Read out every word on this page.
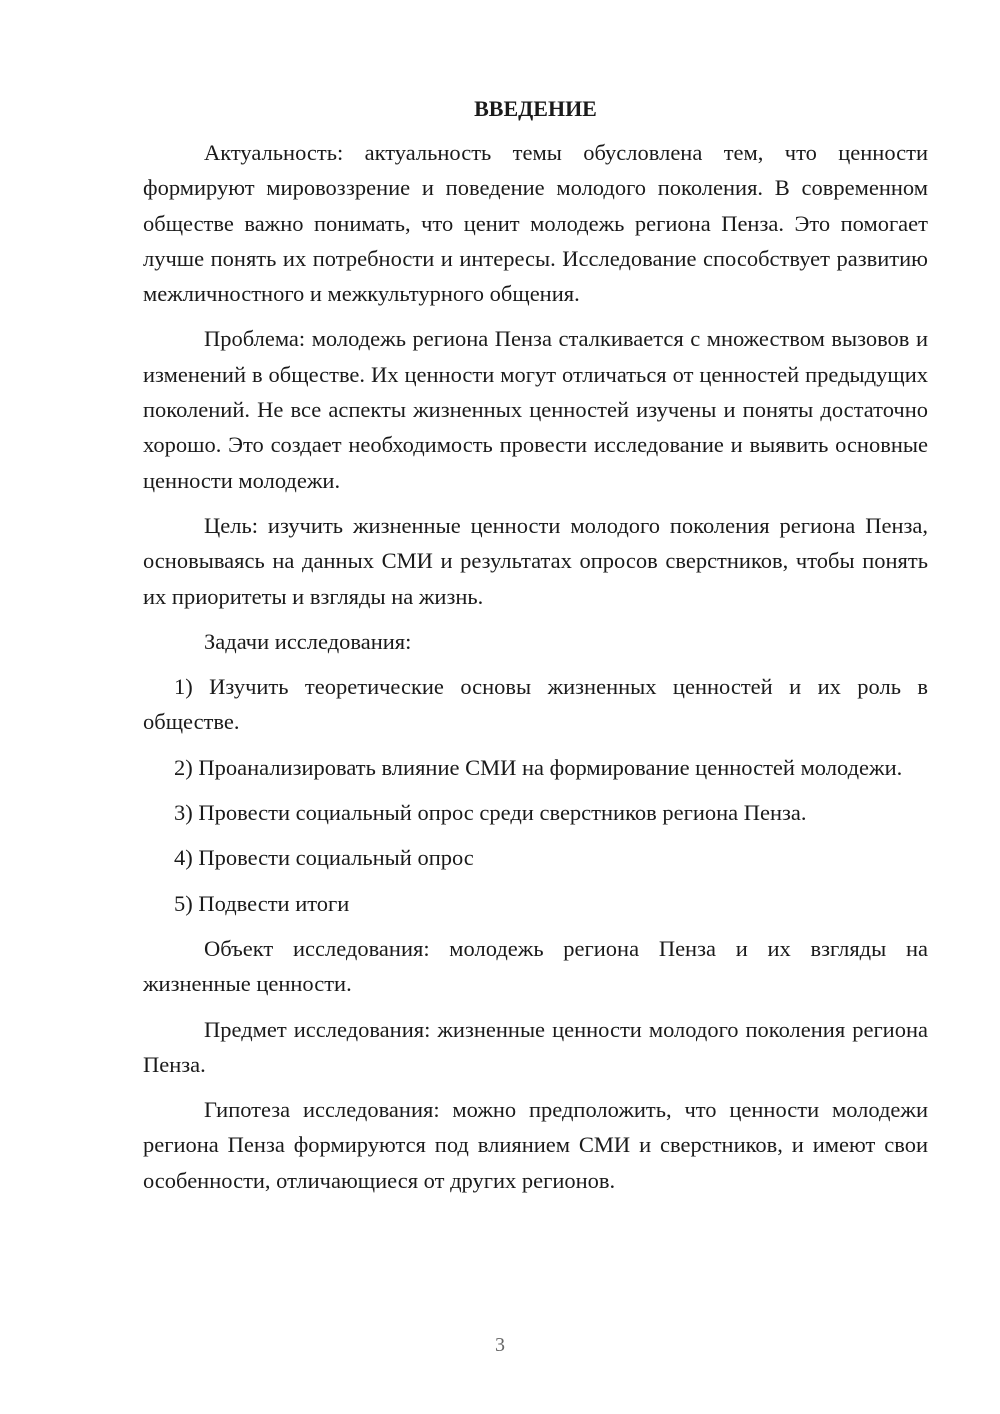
ВВЕДЕНИЕ

Актуальность: актуальность темы обусловлена тем, что ценности формируют мировоззрение и поведение молодого поколения. В современном обществе важно понимать, что ценит молодежь региона Пенза. Это помогает лучше понять их потребности и интересы. Исследование способствует развитию межличностного и межкультурного общения.

Проблема: молодежь региона Пенза сталкивается с множеством вызовов и изменений в обществе. Их ценности могут отличаться от ценностей предыдущих поколений. Не все аспекты жизненных ценностей изучены и поняты достаточно хорошо. Это создает необходимость провести исследование и выявить основные ценности молодежи.

Цель: изучить жизненные ценности молодого поколения региона Пенза, основываясь на данных СМИ и результатах опросов сверстников, чтобы понять их приоритеты и взгляды на жизнь.

Задачи исследования:

1) Изучить теоретические основы жизненных ценностей и их роль в обществе.

2) Проанализировать влияние СМИ на формирование ценностей молодежи.

3) Провести социальный опрос среди сверстников региона Пенза.

4) Провести социальный опрос

5) Подвести итоги

Объект исследования: молодежь региона Пенза и их взгляды на жизненные ценности.

Предмет исследования: жизненные ценности молодого поколения региона Пенза.

Гипотеза исследования: можно предположить, что ценности молодежи региона Пенза формируются под влиянием СМИ и сверстников, и имеют свои особенности, отличающиеся от других регионов.

3
